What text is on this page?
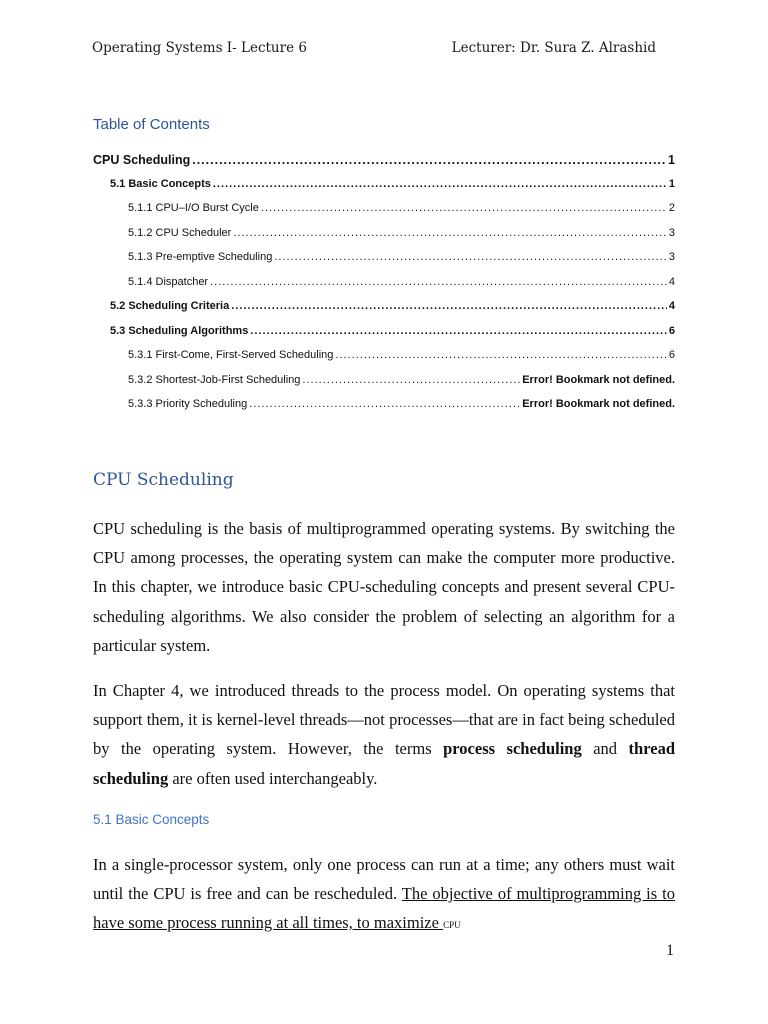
Operating Systems I- Lecture 6	Lecturer: Dr. Sura Z. Alrashid
Table of Contents
CPU Scheduling .....	1
5.1 Basic Concepts .....	1
5.1.1 CPU–I/O Burst Cycle .....	2
5.1.2 CPU Scheduler .....	3
5.1.3 Pre-emptive Scheduling .....	3
5.1.4 Dispatcher .....	4
5.2 Scheduling Criteria .....	4
5.3 Scheduling Algorithms .....	6
5.3.1 First-Come, First-Served Scheduling .....	6
5.3.2 Shortest-Job-First Scheduling .....	Error! Bookmark not defined.
5.3.3 Priority Scheduling .....	Error! Bookmark not defined.
CPU Scheduling
CPU scheduling is the basis of multiprogrammed operating systems. By switching the CPU among processes, the operating system can make the computer more productive. In this chapter, we introduce basic CPU-scheduling concepts and present several CPU-scheduling algorithms. We also consider the problem of selecting an algorithm for a particular system.
In Chapter 4, we introduced threads to the process model. On operating systems that support them, it is kernel-level threads—not processes—that are in fact being scheduled by the operating system. However, the terms process scheduling and thread scheduling are often used interchangeably.
5.1 Basic Concepts
In a single-processor system, only one process can run at a time; any others must wait until the CPU is free and can be rescheduled. The objective of multiprogramming is to have some process running at all times, to maximize CPU
1
